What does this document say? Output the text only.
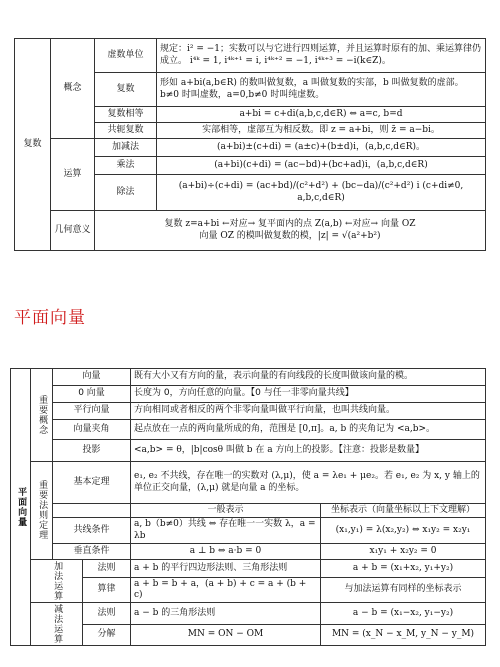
复数	概念	虚数单位	规定：i² = −1；实数可以与它进行四则运算，并且运算时原有的加、乘运算律仍成立。 i⁴ᵏ = 1, i⁴ᵏ⁺¹ = i, i⁴ᵏ⁺² = −1, i⁴ᵏ⁺³ = −i(k∈Z)。
		复数	形如 a+bi(a,b∈R) 的数叫做复数，a 叫做复数的实部，b 叫做复数的虚部。b≠0 时叫虚数，a=0,b≠0 时叫纯虚数。
		复数相等	a+bi = c+di(a,b,c,d∈R) ⇔ a=c, b=d
		共轭复数	实部相等，虚部互为相反数。即 z = a+bi，则 z̄ = a−bi。
	运算	加减法	(a+bi)±(c+di) = (a±c)+(b±d)i，(a,b,c,d∈R)。
		乘法	(a+bi)(c+di) = (ac−bd)+(bc+ad)i，(a,b,c,d∈R)
		除法	(a+bi)÷(c+di) = (ac+bd)/(c²+d²) + (bc−da)/(c²+d²) i (c+di≠0, a,b,c,d∈R)
	几何意义	复数 z=a+bi ←对应→ 复平面内的点 Z(a,b) ←对应→ 向量 OZ
向量 OZ 的模叫做复数的模，|z| = √(a²+b²)	
平面向量
平面向量	重要概念	向量		既有大小又有方向的量，表示向量的有向线段的长度叫做该向量的模。	
		0 向量		长度为 0，方向任意的向量。【0 与任一非零向量共线】	
		平行向量		方向相同或者相反的两个非零向量叫做平行向量，也叫共线向量。	
		向量夹角		起点放在一点的两向量所成的角，范围是 [0,π]。a, b 的夹角记为 <a,b>。	
		投影		<a,b> = θ，|b|cosθ 叫做 b 在 a 方向上的投影。【注意：投影是数量】	
	重要法则定理	基本定理		e₁, e₂ 不共线，存在唯一的实数对 (λ,μ)，使 a = λe₁ + μe₂。若 e₁, e₂ 为 x, y 轴上的单位正交向量，(λ,μ) 就是向量 a 的坐标。	
				一般表示	坐标表示（向量坐标以上下文理解）
		共线条件		a, b（b≠0）共线 ⇔ 存在唯一一实数 λ，a = λb	(x₁,y₁) = λ(x₂,y₂) ⇔ x₁y₂ = x₂y₁
		垂直条件		a ⊥ b ⇔ a·b = 0	x₁y₁ + x₂y₂ = 0
	加法运算		法则	a + b 的平行四边形法则、三角形法则	a + b = (x₁+x₂, y₁+y₂)
			算律	a + b = b + a，(a + b) + c = a + (b + c)	与加法运算有同样的坐标表示
	减法运算		法则	a − b 的三角形法则	a − b = (x₁−x₂, y₁−y₂)
			分解	MN = ON − OM	MN = (x_N − x_M, y_N − y_M)
